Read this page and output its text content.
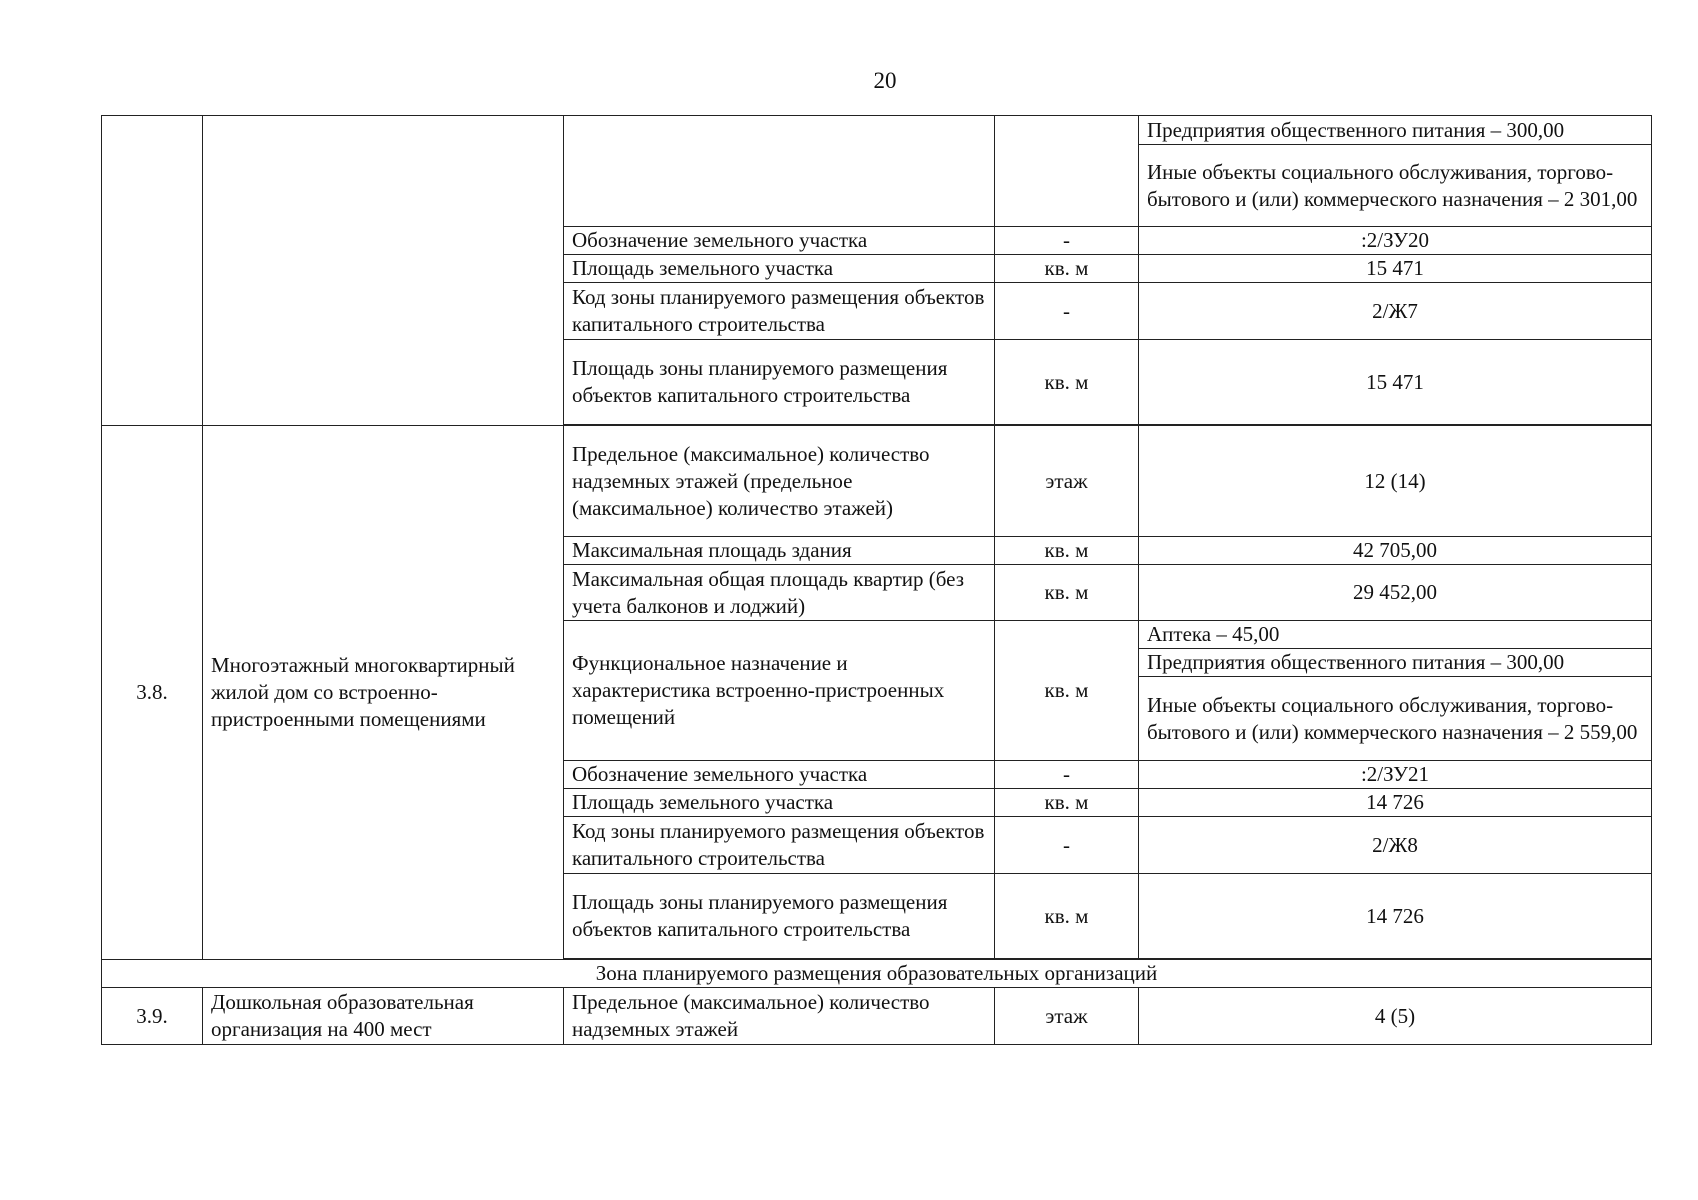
20
				Предприятия общественного питания – 300,00
				Иные объекты социального обслуживания, торгово-бытового и (или) коммерческого назначения – 2 301,00
		Обозначение земельного участка	-	:2/ЗУ20
		Площадь земельного участка	кв. м	15 471
		Код зоны планируемого размещения объектов капитального строительства	-	2/Ж7
		Площадь зоны планируемого размещения объектов капитального строительства	кв. м	15 471

3.8.	Многоэтажный многоквартирный жилой дом со встроенно-пристроенными помещениями	Предельное (максимальное) количество надземных этажей (предельное (максимальное) количество этажей)	этаж	12 (14)
		Максимальная площадь здания	кв. м	42 705,00
		Максимальная общая площадь квартир (без учета балконов и лоджий)	кв. м	29 452,00
		Функциональное назначение и характеристика встроенно-пристроенных помещений	кв. м	Аптека – 45,00
				Предприятия общественного питания – 300,00
				Иные объекты социального обслуживания, торгово-бытового и (или) коммерческого назначения – 2 559,00
		Обозначение земельного участка	-	:2/ЗУ21
		Площадь земельного участка	кв. м	14 726
		Код зоны планируемого размещения объектов капитального строительства	-	2/Ж8
		Площадь зоны планируемого размещения объектов капитального строительства	кв. м	14 726

Зона планируемого размещения образовательных организаций				
3.9.	Дошкольная образовательная организация на 400 мест	Предельное (максимальное) количество надземных этажей	этаж	4 (5)
